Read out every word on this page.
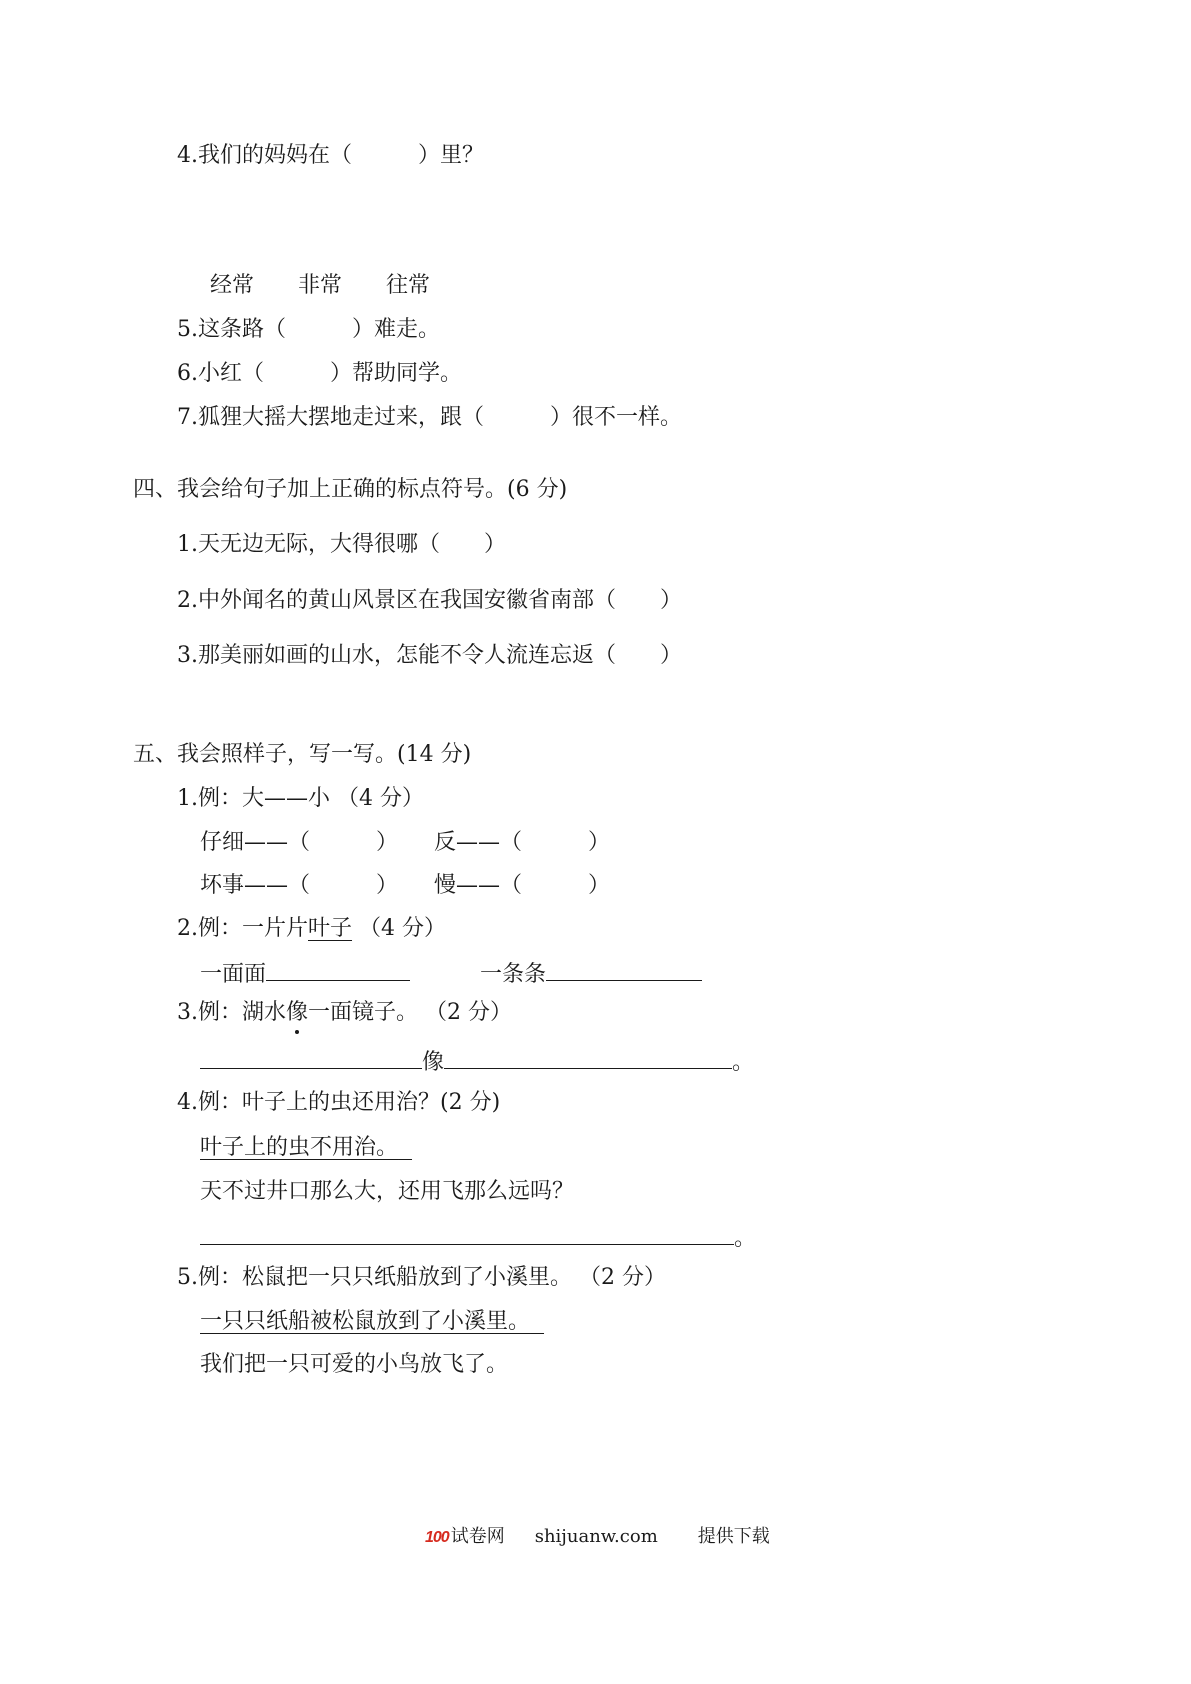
4.我们的妈妈在（　　　）里？
经常　　非常　　往常
5.这条路（　　　）难走。
6.小红（　　　）帮助同学。
7.狐狸大摇大摆地走过来，跟（　　　）很不一样。
四、我会给句子加上正确的标点符号。(6 分)
1.天无边无际，大得很哪（　　）
2.中外闻名的黄山风景区在我国安徽省南部（　　）
3.那美丽如画的山水，怎能不令人流连忘返（　　）
五、我会照样子，写一写。(14 分)
1.例：大——小 （4 分）
仔细——（　　　） 反——（　　　）
坏事——（　　　） 慢——（　　　）
2.例：一片片叶子 （4 分）
一面面	一条条
3.例：湖水像一面镜子。 （2 分）
像	。
4.例：叶子上的虫还用治？(2 分)
叶子上的虫不用治。
天不过井口那么大，还用飞那么远吗？
。
5.例：松鼠把一只只纸船放到了小溪里。 （2 分）
一只只纸船被松鼠放到了小溪里。
我们把一只可爱的小鸟放飞了。
100 试卷网 shijuanw.com 提供下载
